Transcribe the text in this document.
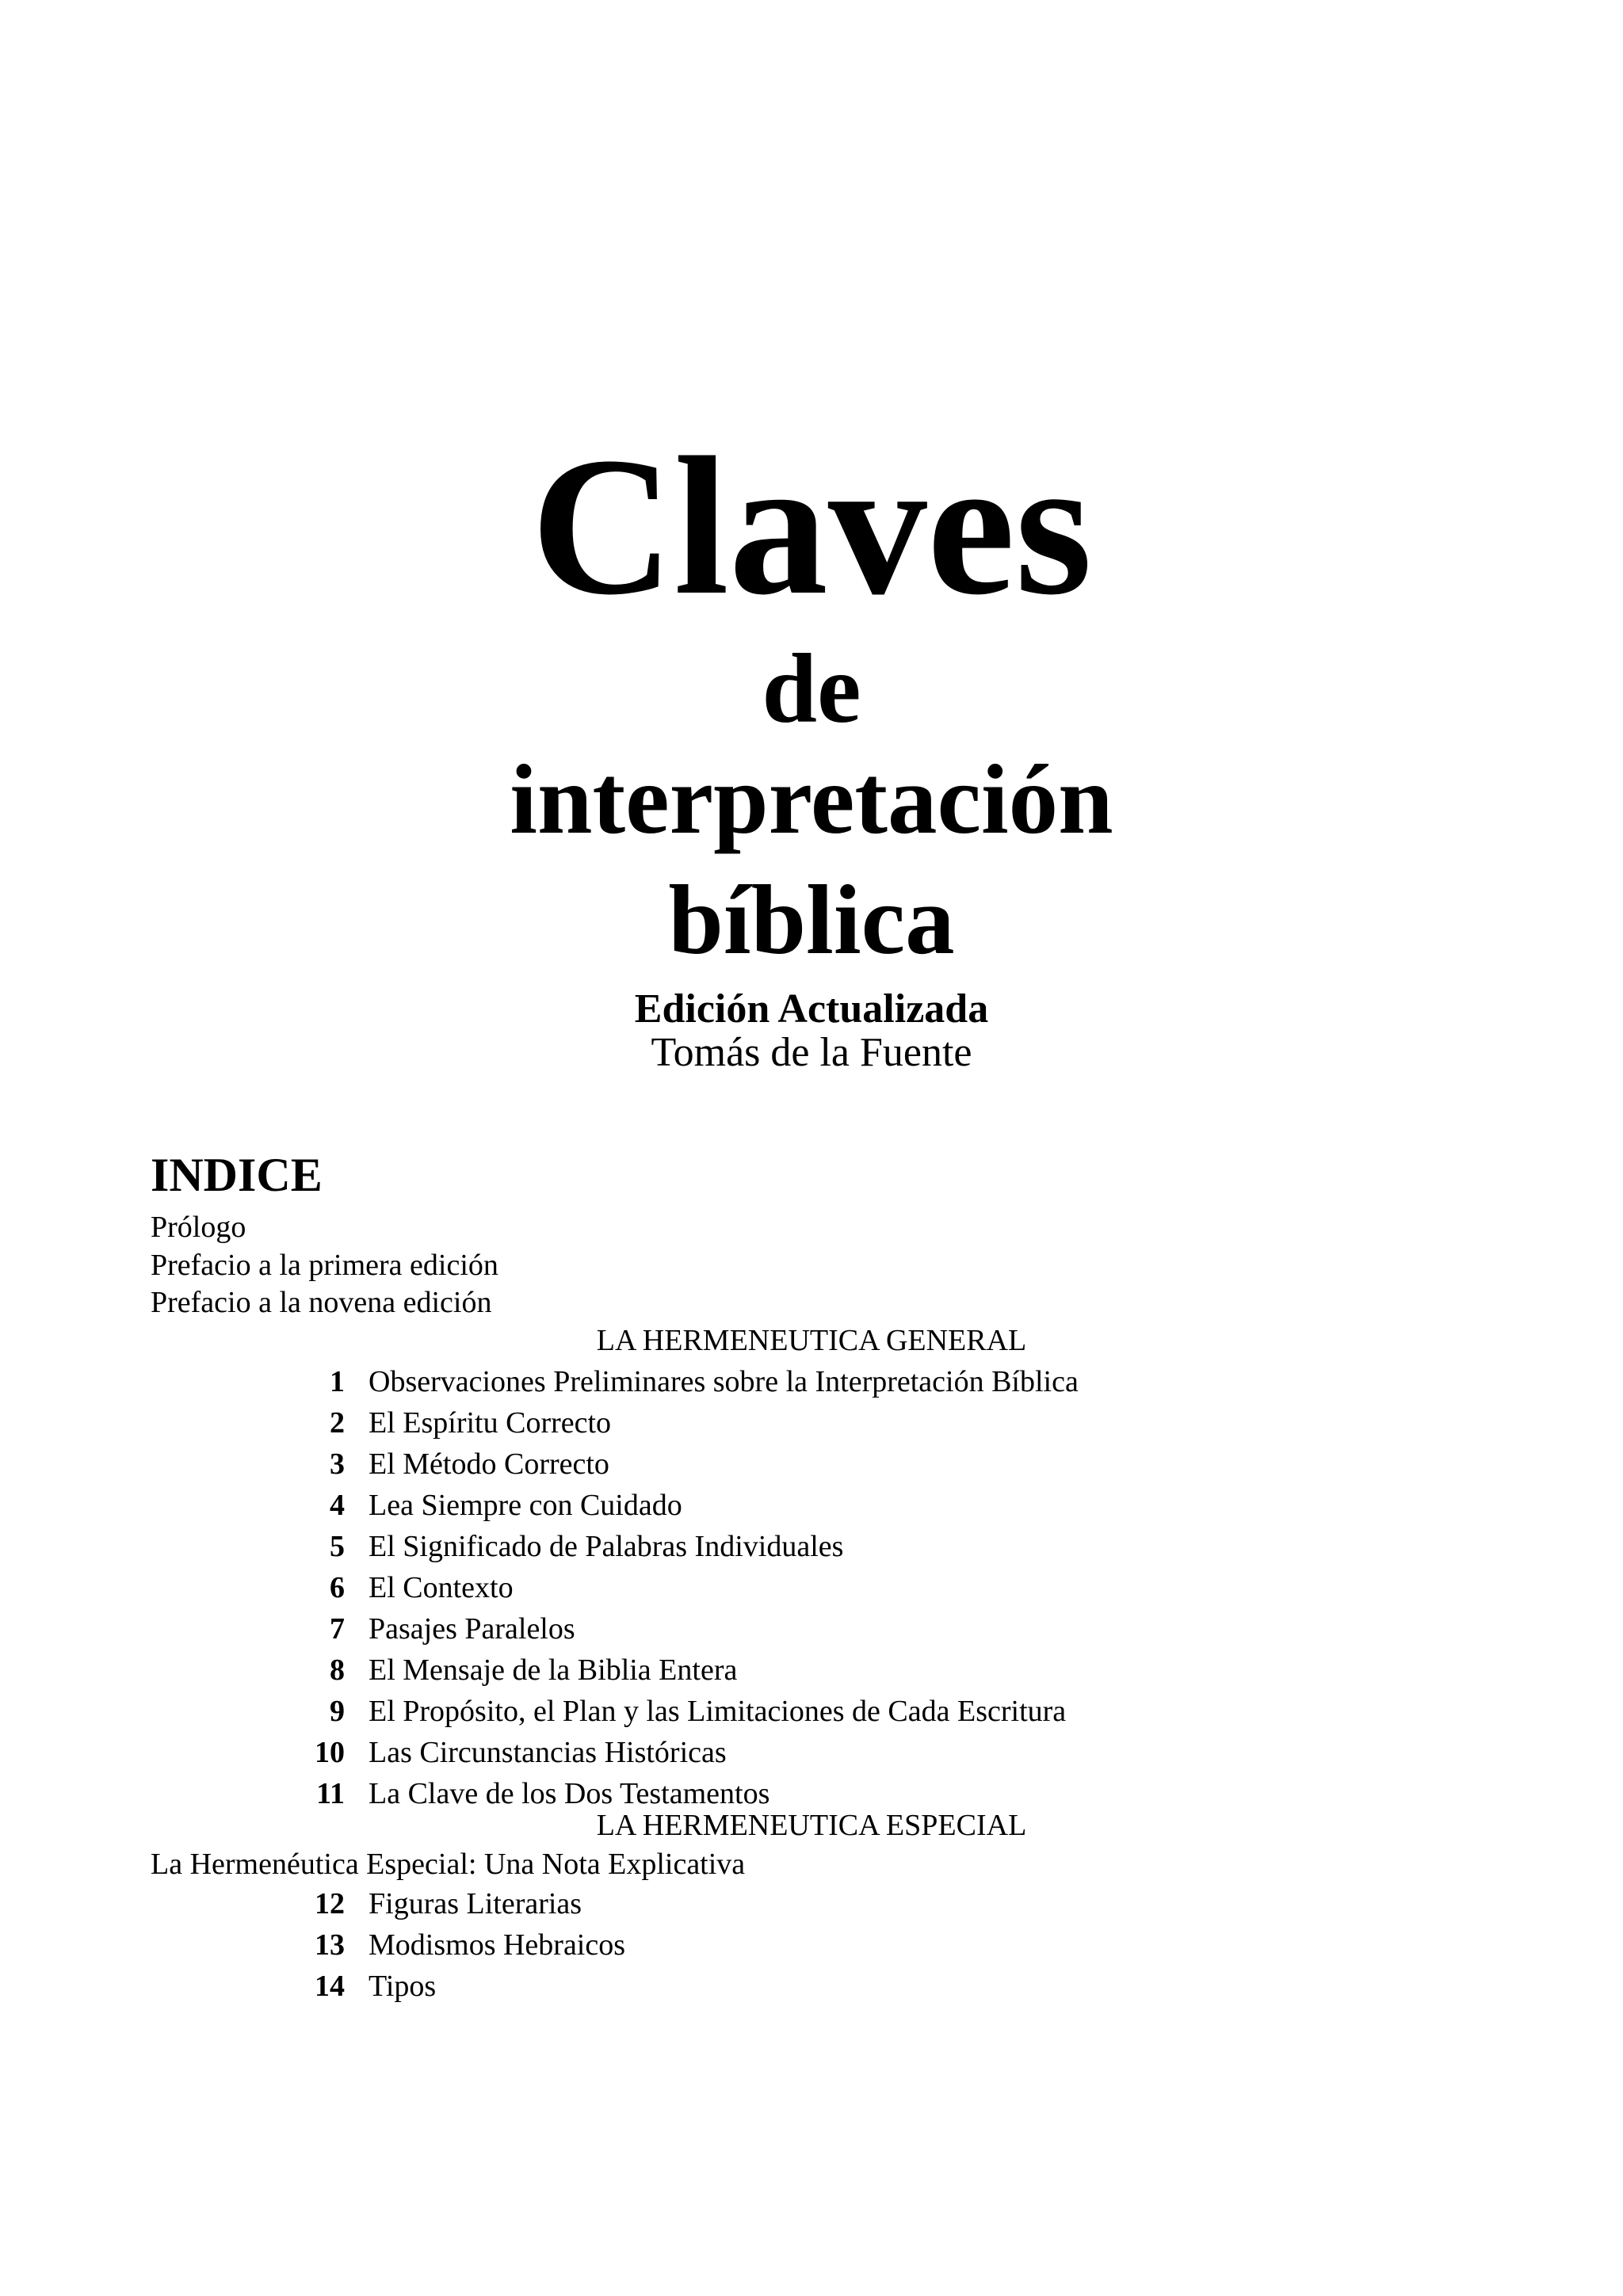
Claves
de
interpretación
bíblica
Edición Actualizada
Tomás de la Fuente
INDICE
Prólogo
Prefacio a la primera edición
Prefacio a la novena edición
LA HERMENEUTICA GENERAL
1 Observaciones Preliminares sobre la Interpretación Bíblica
2 El Espíritu Correcto
3 El Método Correcto
4 Lea Siempre con Cuidado
5 El Significado de Palabras Individuales
6 El Contexto
7 Pasajes Paralelos
8 El Mensaje de la Biblia Entera
9 El Propósito, el Plan y las Limitaciones de Cada Escritura
10 Las Circunstancias Históricas
11 La Clave de los Dos Testamentos
LA HERMENEUTICA ESPECIAL
La Hermenéutica Especial: Una Nota Explicativa
12 Figuras Literarias
13 Modismos Hebraicos
14 Tipos
